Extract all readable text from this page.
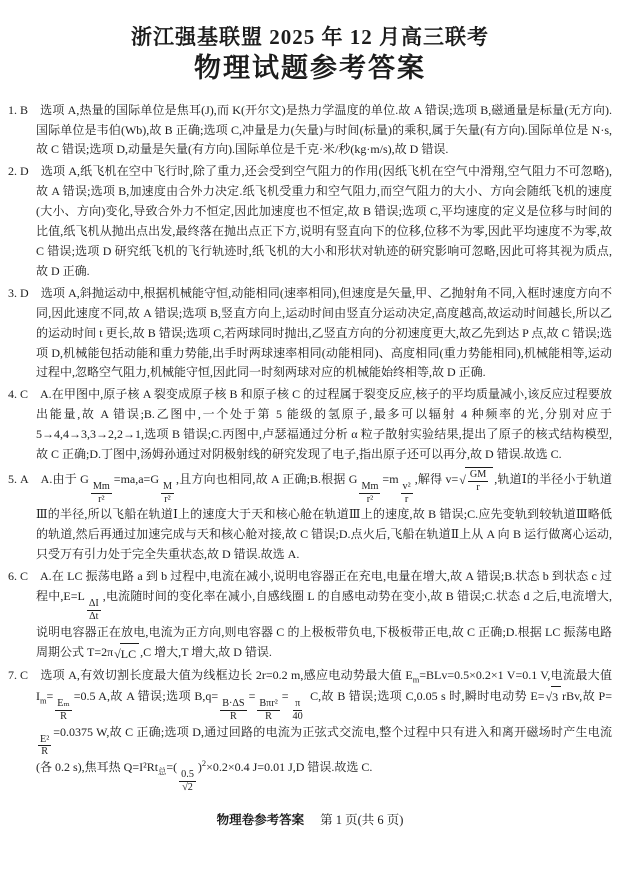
浙江强基联盟 2025 年 12 月高三联考
物理试题参考答案
1. B 选项 A,热量的国际单位是焦耳(J),而 K(开尔文)是热力学温度的单位.故 A 错误;选项 B,磁通量是标量(无方向).国际单位是韦伯(Wb),故 B 正确;选项 C,冲量是力(矢量)与时间(标量)的乘积,属于矢量(有方向).国际单位是 N·s,故 C 错误;选项 D,动量是矢量(有方向).国际单位是千克·米/秒(kg·m/s),故 D 错误.
2. D 选项 A,纸飞机在空中飞行时,除了重力,还会受到空气阻力的作用(因纸飞机在空气中滑翔,空气阻力不可忽略),故 A 错误;选项 B,加速度由合外力决定.纸飞机受重力和空气阻力,而空气阻力的大小、方向会随纸飞机的速度(大小、方向)变化,导致合外力不恒定,因此加速度也不恒定,故 B 错误;选项 C,平均速度的定义是位移与时间的比值,纸飞机从抛出点出发,最终落在抛出点正下方,说明有竖直向下的位移,位移不为零,因此平均速度不为零,故 C 错误;选项 D 研究纸飞机的飞行轨迹时,纸飞机的大小和形状对轨迹的研究影响可忽略,因此可将其视为质点,故 D 正确.
3. D 选项 A,斜抛运动中,根据机械能守恒,动能相同(速率相同),但速度是矢量,甲、乙抛射角不同,入框时速度方向不同,因此速度不同,故 A 错误;选项 B,竖直方向上,运动时间由竖直分运动决定,高度越高,故运动时间越长,所以乙的运动时间 t 更长,故 B 错误;选项 C,若两球同时抛出,乙竖直方向的分初速度更大,故乙先到达 P 点,故 C 错误;选项 D,机械能包括动能和重力势能,出手时两球速率相同(动能相同)、高度相同(重力势能相同),机械能相等,运动过程中,忽略空气阻力,机械能守恒,因此同一时刻两球对应的机械能始终相等,故 D 正确.
4. C A.在甲图中,原子核 A 裂变成原子核 B 和原子核 C 的过程属于裂变反应,核子的平均质量减小,该反应过程要放出能量,故 A 错误;B.乙图中,一个处于第 5 能级的氢原子,最多可以辐射 4 种频率的光,分别对应于 5→4,4→3,3→2,2→1,选项 B 错误;C.丙图中,卢瑟福通过分析 α 粒子散射实验结果,提出了原子的核式结构模型,故 C 正确;D.丁图中,汤姆孙通过对阴极射线的研究发现了电子,指出原子还可以再分,故 D 错误.故选 C.
5. A A.由于 G
$\frac{Mm}{\text{r²}}$
=ma,a=G
$\frac{M}{\text{r²}}$
,且方向也相同,故 A 正确;B.根据 G
$\frac{Mm}{\text{r²}}$
=m
$\frac{\text{v²}}{r}$
,解得 v= √ $\frac{GM}{r}$ ,轨道Ⅰ的半径小于轨道Ⅲ的半径,所以飞船在轨道Ⅰ上的速度大于天和核心舱在轨道Ⅲ上的速度,故 B 错误;C.应先变轨到较轨道Ⅲ略低的轨道,然后再通过加速完成与天和核心舱对接,故 C 错误;D.点火后,飞船在轨道Ⅱ上从 A 向 B 运行做离心运动,只受万有引力处于完全失重状态,故 D 错误.故选 A.
6. C A.在 LC 振荡电路 a 到 b 过程中,电流在减小,说明电容器正在充电,电量在增大,故 A 错误;B.状态 b 到状态 c 过程中,E=L
$\frac{\Delta I}{\Delta t}$
,电流随时间的变化率在减小,自感线圈 L 的自感电动势在变小,故 B 错误;C.状态 d 之后,电流增大,说明电容器正在放电,电流为正方向,则电容器 C 的上极板带负电,下极板带正电,故 C 正确;D.根据 LC 振荡电路周期公式 T=2π √ LC ,C 增大,T 增大,故 D 错误.
7. C 选项 A,有效切割长度最大值为线框边长 2r=0.2 m,感应电动势最大值 $E_m=BLv=0.5\times 0.2\times 1$ V=0.1 V,电流最大值 $I_m=$
$\frac{\text{Eₘ}}{R}$
=0.5 A,故 A 错误;选项 B,q=
$\frac{B\cdot\Delta S}{R}$
=
$\frac{\text{Bπr²}}{R}$
=
$\frac{\pi}{40}$
C,故 B 错误;选项 C,0.05 s 时,瞬时电动势 E= √ 3 rBv,故 P=
$\frac{\text{E²}}{R}$
=0.0375 W,故 C 正确;选项 D,通过回路的电流为正弦式交流电,整个过程中只有进入和离开磁场时产生电流(各 0.2 s),焦耳热 $Q=I^2Rt_总=$(
$\frac{0.5}{√2}$
)$^2$×0.2×0.4 J=0.01 J,D 错误.故选 C.
物理卷参考答案 第 1 页(共 6 页)
